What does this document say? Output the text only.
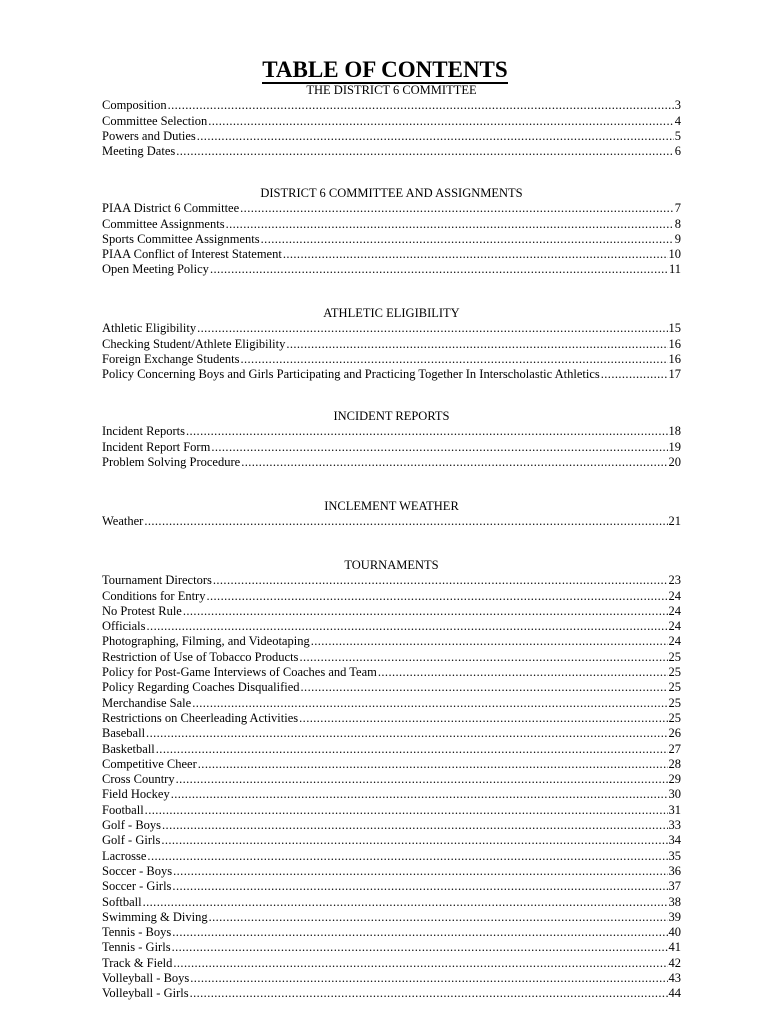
TABLE OF CONTENTS
THE DISTRICT 6 COMMITTEE
Composition .....	3
Committee Selection .....	4
Powers and Duties .....	5
Meeting Dates .....	6
DISTRICT 6 COMMITTEE AND ASSIGNMENTS
PIAA District 6 Committee .....	7
Committee Assignments .....	8
Sports Committee Assignments .....	9
PIAA Conflict of Interest Statement .....	10
Open Meeting Policy .....	11
ATHLETIC ELIGIBILITY
Athletic Eligibility .....	15
Checking Student/Athlete Eligibility .....	16
Foreign Exchange Students .....	16
Policy Concerning Boys and Girls Participating and Practicing Together In Interscholastic Athletics .....	17
INCIDENT REPORTS
Incident Reports .....	18
Incident Report Form .....	19
Problem Solving Procedure .....	20
INCLEMENT WEATHER
Weather .....	21
TOURNAMENTS
Tournament Directors .....	23
Conditions for Entry .....	24
No Protest Rule .....	24
Officials .....	24
Photographing, Filming, and Videotaping .....	24
Restriction of Use of Tobacco Products .....	25
Policy for Post-Game Interviews of Coaches and Team .....	25
Policy Regarding Coaches Disqualified .....	25
Merchandise Sale .....	25
Restrictions on Cheerleading Activities .....	25
Baseball .....	26
Basketball .....	27
Competitive Cheer .....	28
Cross Country .....	29
Field Hockey .....	30
Football .....	31
Golf - Boys .....	33
Golf - Girls .....	34
Lacrosse .....	35
Soccer - Boys .....	36
Soccer - Girls .....	37
Softball .....	38
Swimming & Diving .....	39
Tennis - Boys .....	40
Tennis - Girls .....	41
Track & Field .....	42
Volleyball - Boys .....	43
Volleyball - Girls .....	44
